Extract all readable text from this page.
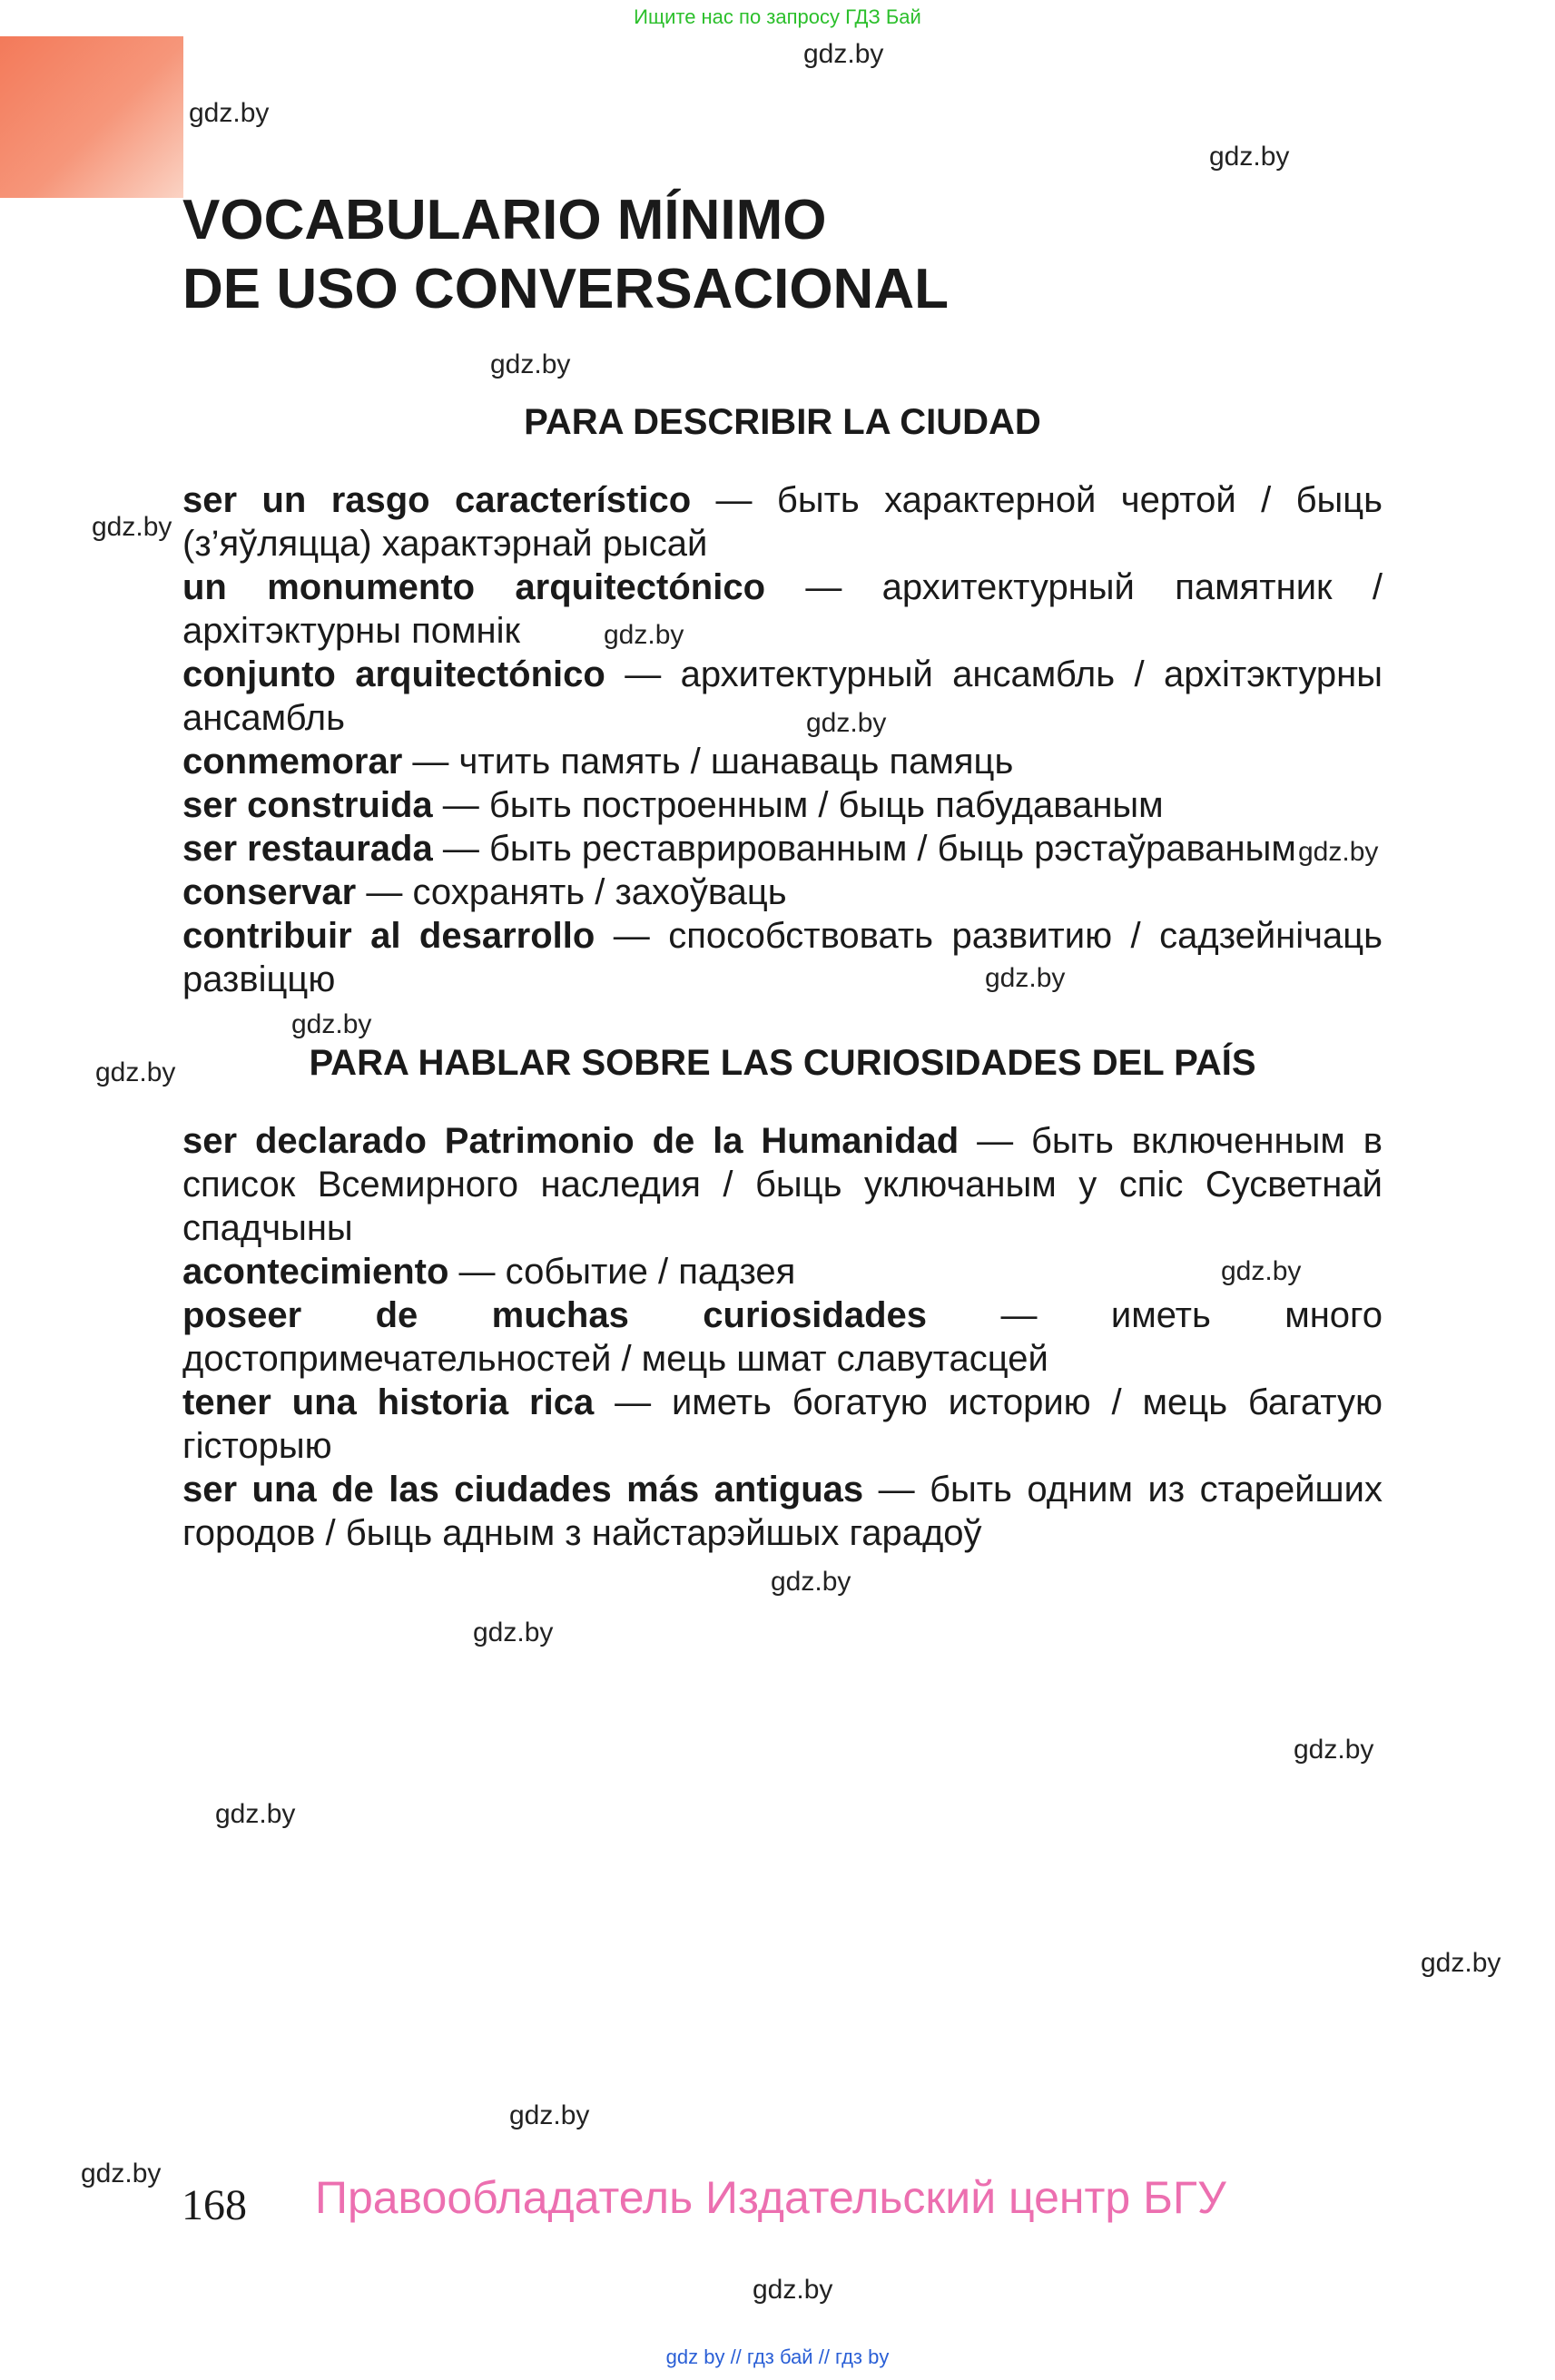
Ищите нас по запросу ГДЗ Бай
gdz.by
gdz.by
gdz.by
gdz.by
gdz.by
gdz.by
gdz.by
gdz.by
gdz.by
gdz.by
gdz.by
gdz.by
gdz.by
gdz.by
gdz.by
gdz.by
gdz.by
gdz.by
gdz.by
gdz.by
VOCABULARIO MÍNIMO
DE USO CONVERSACIONAL
PARA DESCRIBIR LA CIUDAD

ser un rasgo característico — быть характерной чертой / быць (з’яўляцца) характэрнай рысай

un monumento arquitectónico — архитектурный памятник / архітэктурны помнік

conjunto arquitectónico — архитектурный ансамбль / архітэктурны ансамбль

conmemorar — чтить память / шанаваць памяць

ser construida — быть построенным / быць пабудаваным

ser restaurada — быть реставрированным / быць рэстаўраваным

conservar — сохранять / захоўваць

contribuir al desarrollo — способствовать развитию / садзейнічаць развіццю

PARA HABLAR SOBRE LAS CURIOSIDADES DEL PAÍS

ser declarado Patrimonio de la Humanidad — быть включенным в список Всемирного наследия / быць уключаным у спіс Сусветнай спадчыны

acontecimiento — событие / падзея

poseer de muchas curiosidades — иметь много достопримечательностей / мець шмат славутасцей

tener una historia rica — иметь богатую историю / мець багатую гісторыю

ser una de las ciudades más antiguas — быть одним из старейших городов / быць адным з найстарэйшых гарадоў

168 Правообладатель Издательский центр БГУ
gdz by // гдз бай // гдз by
